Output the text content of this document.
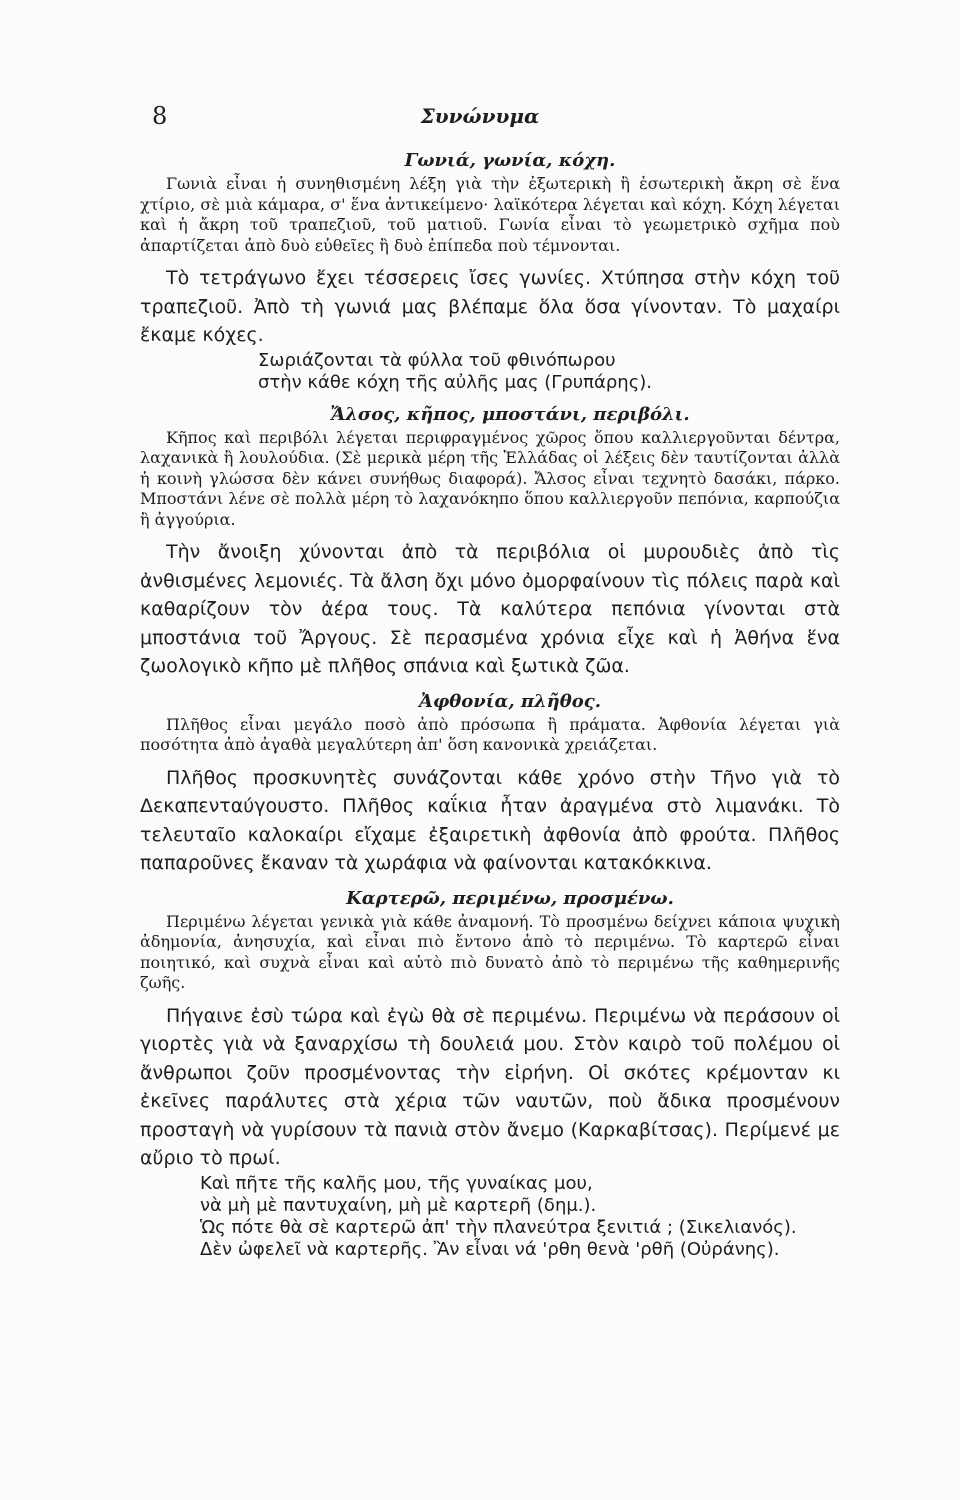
8	Συνώνυμα

Γωνιά, γωνία, κόχη.

Γωνιὰ εἶναι ἡ συνηθισμένη λέξη γιὰ τὴν ἐξωτερικὴ ἢ ἐσωτερικὴ ἄκρη σὲ ἕνα χτίριο, σὲ μιὰ κάμαρα, σ' ἕνα ἀντικείμενο· λαϊκότερα λέγεται καὶ κόχη. Κόχη λέγεται καὶ ἡ ἄκρη τοῦ τραπεζιοῦ, τοῦ ματιοῦ. Γωνία εἶναι τὸ γεωμετρικὸ σχῆμα ποὺ ἀπαρτίζεται ἀπὸ δυὸ εὐθεῖες ἢ δυὸ ἐπίπεδα ποὺ τέμνονται.

Τὸ τετράγωνο ἔχει τέσσερεις ἴσες γωνίες. Χτύπησα στὴν κόχη τοῦ τραπεζιοῦ. Ἀπὸ τὴ γωνιά μας βλέπαμε ὅλα ὅσα γίνονταν. Τὸ μαχαίρι ἔκαμε κόχες.

Σωριάζονται τὰ φύλλα τοῦ φθινόπωρου
στὴν κάθε κόχη τῆς αὐλῆς μας (Γρυπάρης).

Ἄλσος, κῆπος, μποστάνι, περιβόλι.

Κῆπος καὶ περιβόλι λέγεται περιφραγμένος χῶρος ὅπου καλλιεργοῦνται δέντρα, λαχανικὰ ἢ λουλούδια. (Σὲ μερικὰ μέρη τῆς Ἑλλάδας οἱ λέξεις δὲν ταυτίζονται ἀλλὰ ἡ κοινὴ γλώσσα δὲν κάνει συνήθως διαφορά). Ἄλσος εἶναι τεχνητὸ δασάκι, πάρκο. Μποστάνι λένε σὲ πολλὰ μέρη τὸ λαχανόκηπο ὅπου καλλιεργοῦν πεπόνια, καρπούζια ἢ ἀγγούρια.

Τὴν ἄνοιξη χύνονται ἀπὸ τὰ περιβόλια οἱ μυρουδιὲς ἀπὸ τὶς ἀνθισμένες λεμονιές. Τὰ ἄλση ὄχι μόνο ὀμορφαίνουν τὶς πόλεις παρὰ καὶ καθαρίζουν τὸν ἀέρα τους. Τὰ καλύτερα πεπόνια γίνονται στὰ μποστάνια τοῦ Ἄργους. Σὲ περασμένα χρόνια εἶχε καὶ ἡ Ἀθήνα ἕνα ζωολογικὸ κῆπο μὲ πλῆθος σπάνια καὶ ξωτικὰ ζῶα.

Ἀφθονία, πλῆθος.

Πλῆθος εἶναι μεγάλο ποσὸ ἀπὸ πρόσωπα ἢ πράματα. Ἀφθονία λέγεται γιὰ ποσότητα ἀπὸ ἀγαθὰ μεγαλύτερη ἀπ' ὅση κανονικὰ χρειάζεται.

Πλῆθος προσκυνητὲς συνάζονται κάθε χρόνο στὴν Τῆνο γιὰ τὸ Δεκαπενταύγουστο. Πλῆθος καΐκια ἦταν ἀραγμένα στὸ λιμανάκι. Τὸ τελευταῖο καλοκαίρι εἴχαμε ἐξαιρετικὴ ἀφθονία ἀπὸ φρούτα. Πλῆθος παπαροῦνες ἔκαναν τὰ χωράφια νὰ φαίνονται κατακόκκινα.

Καρτερῶ, περιμένω, προσμένω.

Περιμένω λέγεται γενικὰ γιὰ κάθε ἀναμονή. Τὸ προσμένω δείχνει κάποια ψυχικὴ ἀδημονία, ἀνησυχία, καὶ εἶναι πιὸ ἔντονο ἀπὸ τὸ περιμένω. Τὸ καρτερῶ εἶναι ποιητικό, καὶ συχνὰ εἶναι καὶ αὐτὸ πιὸ δυνατὸ ἀπὸ τὸ περιμένω τῆς καθημερινῆς ζωῆς.

Πήγαινε ἐσὺ τώρα καὶ ἐγὼ θὰ σὲ περιμένω. Περιμένω νὰ περάσουν οἱ γιορτὲς γιὰ νὰ ξαναρχίσω τὴ δουλειά μου. Στὸν καιρὸ τοῦ πολέμου οἱ ἄνθρωποι ζοῦν προσμένοντας τὴν εἰρήνη. Οἱ σκότες κρέμονταν κι ἐκεῖνες παράλυτες στὰ χέρια τῶν ναυτῶν, ποὺ ἄδικα προσμένουν προσταγὴ νὰ γυρίσουν τὰ πανιὰ στὸν ἄνεμο (Καρκαβίτσας). Περίμενέ με αὔριο τὸ πρωί.

Καὶ πῆτε τῆς καλῆς μου, τῆς γυναίκας μου,
νὰ μὴ μὲ παντυχαίνη, μὴ μὲ καρτερῆ (δημ.).
Ὡς πότε θὰ σὲ καρτερῶ ἀπ' τὴν πλανεύτρα ξενιτιά ; (Σικελιανός).
Δὲν ὠφελεῖ νὰ καρτερῆς. Ἂν εἶναι νά 'ρθη θενὰ 'ρθῆ (Οὐράνης).
